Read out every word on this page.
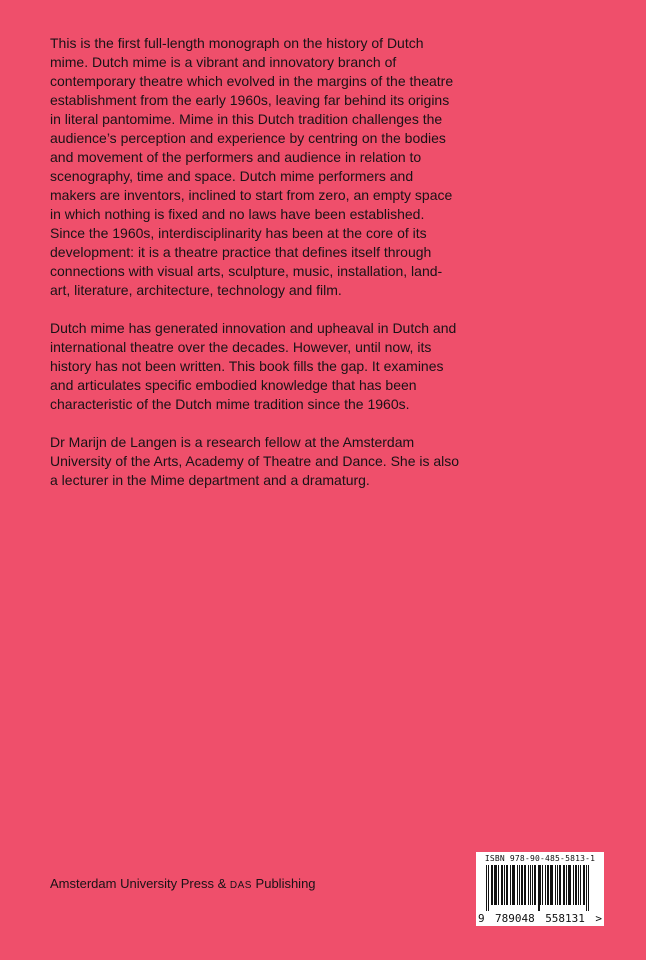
This is the first full-length monograph on the history of Dutch mime. Dutch mime is a vibrant and innovatory branch of contemporary theatre which evolved in the margins of the theatre establishment from the early 1960s, leaving far behind its origins in literal pantomime. Mime in this Dutch tradition challenges the audience’s perception and experience by centring on the bodies and movement of the performers and audience in relation to scenography, time and space. Dutch mime performers and makers are inventors, inclined to start from zero, an empty space in which nothing is fixed and no laws have been established. Since the 1960s, interdisciplinarity has been at the core of its development: it is a theatre practice that defines itself through connections with visual arts, sculpture, music, installation, land-art, literature, architecture, technology and film.

Dutch mime has generated innovation and upheaval in Dutch and international theatre over the decades. However, until now, its history has not been written. This book fills the gap. It examines and articulates specific embodied knowledge that has been characteristic of the Dutch mime tradition since the 1960s.

Dr Marijn de Langen is a research fellow at the Amsterdam University of the Arts, Academy of Theatre and Dance. She is also a lecturer in the Mime department and a dramaturg.

Amsterdam University Press & DAS Publishing
ISBN 978-90-485-5813-1
9 789048 558131 >
